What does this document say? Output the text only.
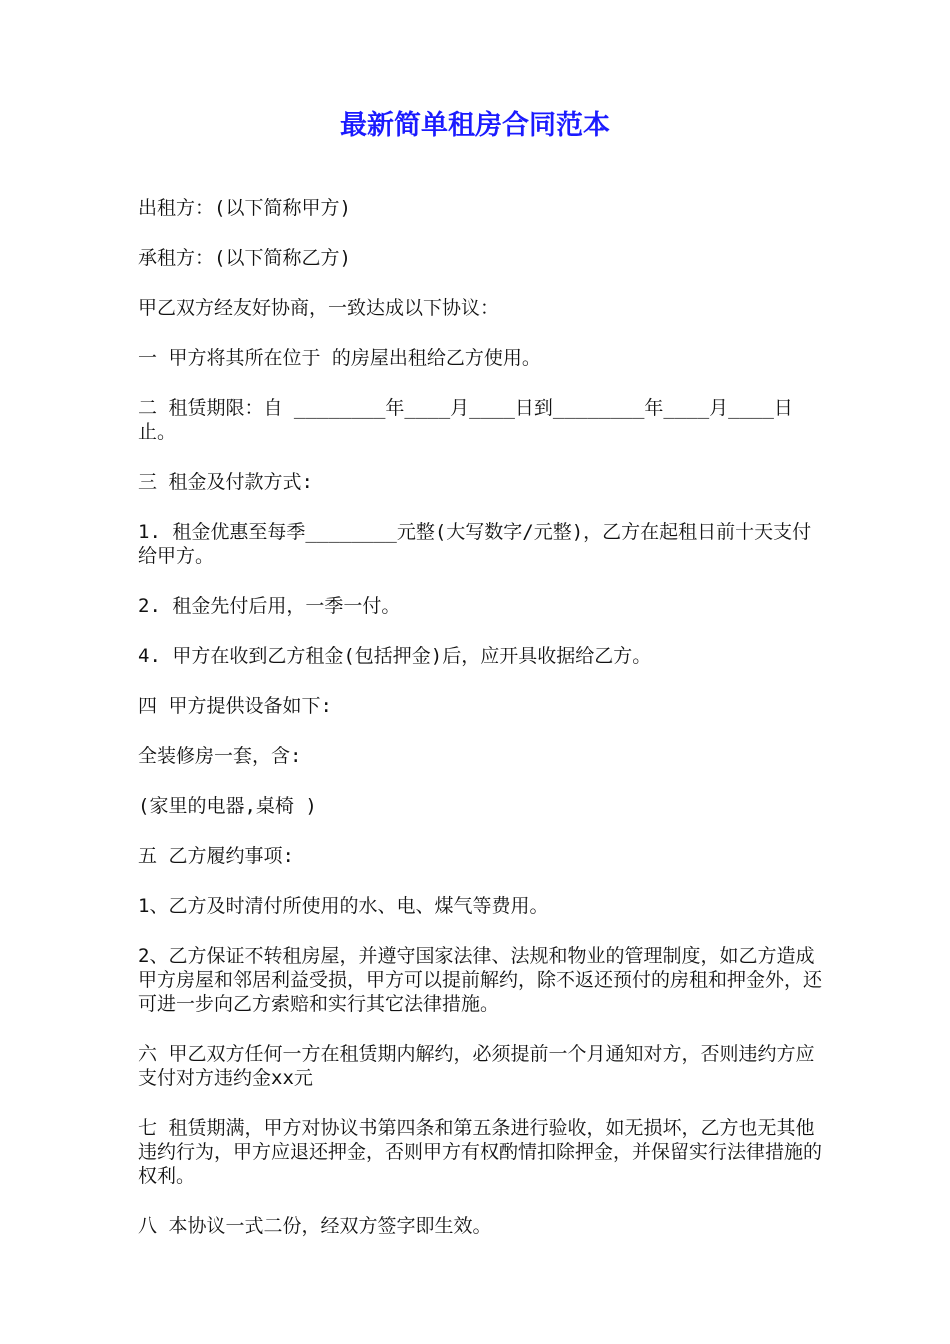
最新简单租房合同范本

出租方：(以下简称甲方)

承租方：(以下简称乙方)

甲乙双方经友好协商，一致达成以下协议：

一 甲方将其所在位于 的房屋出租给乙方使用。

二 租赁期限：自 ________年____月____日到________年____月____日止。

三 租金及付款方式:

1. 租金优惠至每季________元整(大写数字/元整)，乙方在起租日前十天支付给甲方。

2. 租金先付后用，一季一付。

4. 甲方在收到乙方租金(包括押金)后，应开具收据给乙方。

四 甲方提供设备如下:

全装修房一套，含:

(家里的电器,桌椅 )

五 乙方履约事项:

1、乙方及时清付所使用的水、电、煤气等费用。

2、乙方保证不转租房屋，并遵守国家法律、法规和物业的管理制度，如乙方造成甲方房屋和邻居利益受损，甲方可以提前解约，除不返还预付的房租和押金外，还可进一步向乙方索赔和实行其它法律措施。

六 甲乙双方任何一方在租赁期内解约，必须提前一个月通知对方，否则违约方应支付对方违约金xx元

七 租赁期满，甲方对协议书第四条和第五条进行验收，如无损坏，乙方也无其他违约行为，甲方应退还押金，否则甲方有权酌情扣除押金，并保留实行法律措施的权利。

八 本协议一式二份，经双方签字即生效。
